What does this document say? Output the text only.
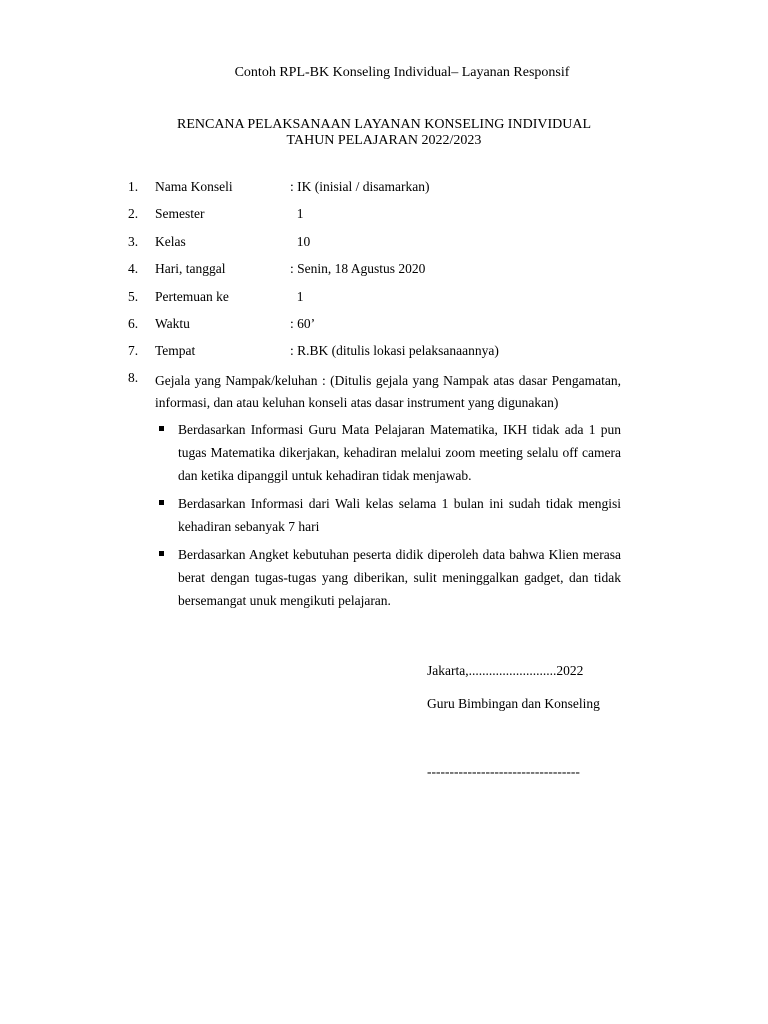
Contoh RPL-BK Konseling Individual– Layanan Responsif
RENCANA PELAKSANAAN LAYANAN KONSELING INDIVIDUAL
TAHUN PELAJARAN 2022/2023
1. Nama Konseli	: IK (inisial / disamarkan)
2. Semester	1
3. Kelas	10
4. Hari, tanggal	: Senin, 18 Agustus 2020
5. Pertemuan ke	1
6. Waktu	: 60’
7. Tempat	: R.BK (ditulis lokasi pelaksanaannya)
8. Gejala yang Nampak/keluhan : (Ditulis gejala yang Nampak atas dasar Pengamatan, informasi, dan atau keluhan konseli atas dasar instrument yang digunakan)
Berdasarkan Informasi Guru Mata Pelajaran Matematika, IKH tidak ada 1 pun tugas Matematika dikerjakan, kehadiran melalui zoom meeting selalu off camera dan ketika dipanggil untuk kehadiran tidak menjawab.
Berdasarkan Informasi dari Wali kelas selama 1 bulan ini sudah tidak mengisi kehadiran sebanyak 7 hari
Berdasarkan Angket kebutuhan peserta didik diperoleh data bahwa Klien merasa berat dengan tugas-tugas yang diberikan, sulit meninggalkan gadget, dan tidak bersemangat unuk mengikuti pelajaran.
Jakarta,..........................2022
Guru Bimbingan dan Konseling
----------------------------------
